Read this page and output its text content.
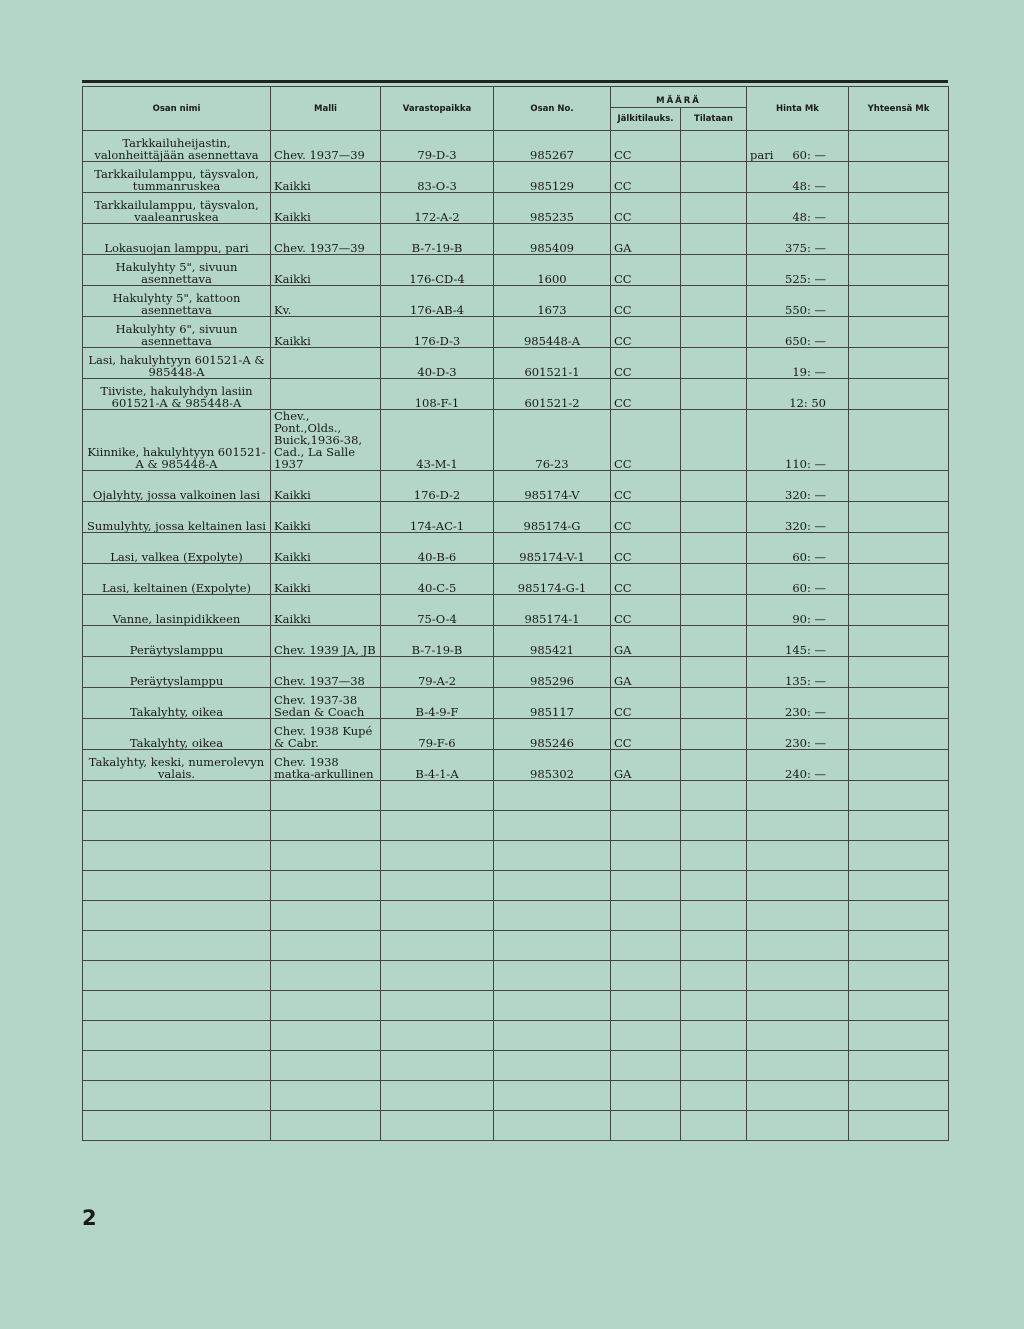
Osan nimi	Malli	Varastopaikka	Osan No.	MÄÄRÄ		Hinta Mk	Yhteensä Mk
				Jälkitilauks.	Tilataan		
Tarkkailuheijastin, valonheittäjään asennettava	Chev. 1937—39	79-D-3	985267	CC		pari 60: —	
Tarkkailulamppu, täysvalon, tummanruskea	Kaikki	83-O-3	985129	CC		48: —	
Tarkkailulamppu, täysvalon, vaaleanruskea	Kaikki	172-A-2	985235	CC		48: —	
Lokasuojan lamppu, pari	Chev. 1937—39	B-7-19-B	985409	GA		375: —	
Hakulyhty 5", sivuun asennettava	Kaikki	176-CD-4	1600	CC		525: —	
Hakulyhty 5", kattoon asennettava	Kv.	176-AB-4	1673	CC		550: —	
Hakulyhty 6", sivuun asennettava	Kaikki	176-D-3	985448-A	CC		650: —	
Lasi, hakulyhtyyn 601521-A & 985448-A		40-D-3	601521-1	CC		19: —	
Tiiviste, hakulyhdyn lasiin 601521-A & 985448-A		108-F-1	601521-2	CC		12: 50	
Kiinnike, hakulyhtyyn 601521-A & 985448-A	Chev., Pont.,Olds., Buick,1936-38, Cad., La Salle 1937	43-M-1	76-23	CC		110: —	
Ojalyhty, jossa valkoinen lasi	Kaikki	176-D-2	985174-V	CC		320: —	
Sumulyhty, jossa keltainen lasi	Kaikki	174-AC-1	985174-G	CC		320: —	
Lasi, valkea (Expolyte)	Kaikki	40-B-6	985174-V-1	CC		60: —	
Lasi, keltainen (Expolyte)	Kaikki	40-C-5	985174-G-1	CC		60: —	
Vanne, lasinpidikkeen	Kaikki	75-O-4	985174-1	CC		90: —	
Peräytyslamppu	Chev. 1939 JA, JB	B-7-19-B	985421	GA		145: —	
Peräytyslamppu	Chev. 1937—38	79-A-2	985296	GA		135: —	
Takalyhty, oikea	Chev. 1937-38 Sedan & Coach	B-4-9-F	985117	CC		230: —	
Takalyhty, oikea	Chev. 1938 Kupé & Cabr.	79-F-6	985246	CC		230: —	
Takalyhty, keski, numerolevyn valais.	Chev. 1938 matka-arkullinen	B-4-1-A	985302	GA		240: —	

2
